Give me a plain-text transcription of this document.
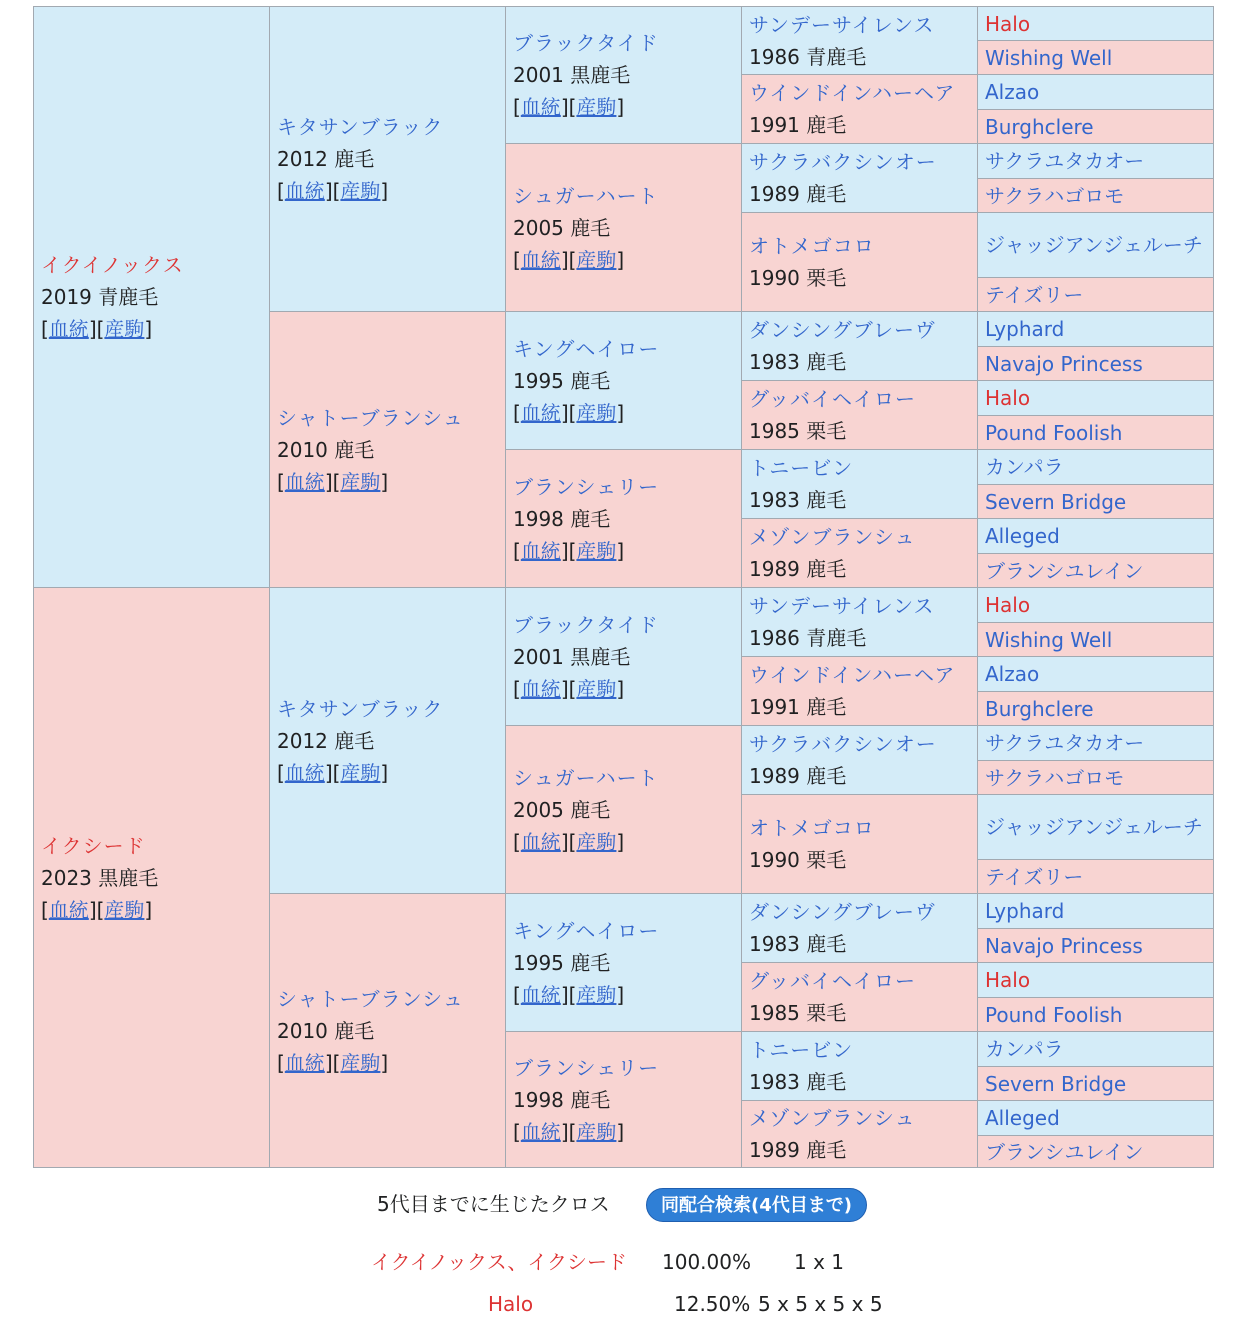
イクイノックス
2019 青鹿毛
[血統][産駒]
イクシード
2023 黒鹿毛
[血統][産駒]
キタサンブラック
2012 鹿毛
[血統][産駒]
シャトーブランシュ
2010 鹿毛
[血統][産駒]
キタサンブラック
2012 鹿毛
[血統][産駒]
シャトーブランシュ
2010 鹿毛
[血統][産駒]
ブラックタイド
2001 黒鹿毛
[血統][産駒]
シュガーハート
2005 鹿毛
[血統][産駒]
キングヘイロー
1995 鹿毛
[血統][産駒]
ブランシェリー
1998 鹿毛
[血統][産駒]
ブラックタイド
2001 黒鹿毛
[血統][産駒]
シュガーハート
2005 鹿毛
[血統][産駒]
キングヘイロー
1995 鹿毛
[血統][産駒]
ブランシェリー
1998 鹿毛
[血統][産駒]
サンデーサイレンス
1986 青鹿毛
ウインドインハーヘア
1991 鹿毛
サクラバクシンオー
1989 鹿毛
オトメゴコロ
1990 栗毛
ダンシングブレーヴ
1983 鹿毛
グッバイヘイロー
1985 栗毛
トニービン
1983 鹿毛
メゾンブランシュ
1989 鹿毛
サンデーサイレンス
1986 青鹿毛
ウインドインハーヘア
1991 鹿毛
サクラバクシンオー
1989 鹿毛
オトメゴコロ
1990 栗毛
ダンシングブレーヴ
1983 鹿毛
グッバイヘイロー
1985 栗毛
トニービン
1983 鹿毛
メゾンブランシュ
1989 鹿毛
Halo
Wishing Well
Alzao
Burghclere
サクラユタカオー
サクラハゴロモ
ジャッジアンジェルーチ
テイズリー
Lyphard
Navajo Princess
Halo
Pound Foolish
カンパラ
Severn Bridge
Alleged
ブランシユレイン
Halo
Wishing Well
Alzao
Burghclere
サクラユタカオー
サクラハゴロモ
ジャッジアンジェルーチ
テイズリー
Lyphard
Navajo Princess
Halo
Pound Foolish
カンパラ
Severn Bridge
Alleged
ブランシユレイン
5代目までに生じたクロス	同配合検索(4代目まで)
イクイノックス、イクシード 100.00% 1 x 1
Halo	12.50% 5 x 5 x 5 x 5
